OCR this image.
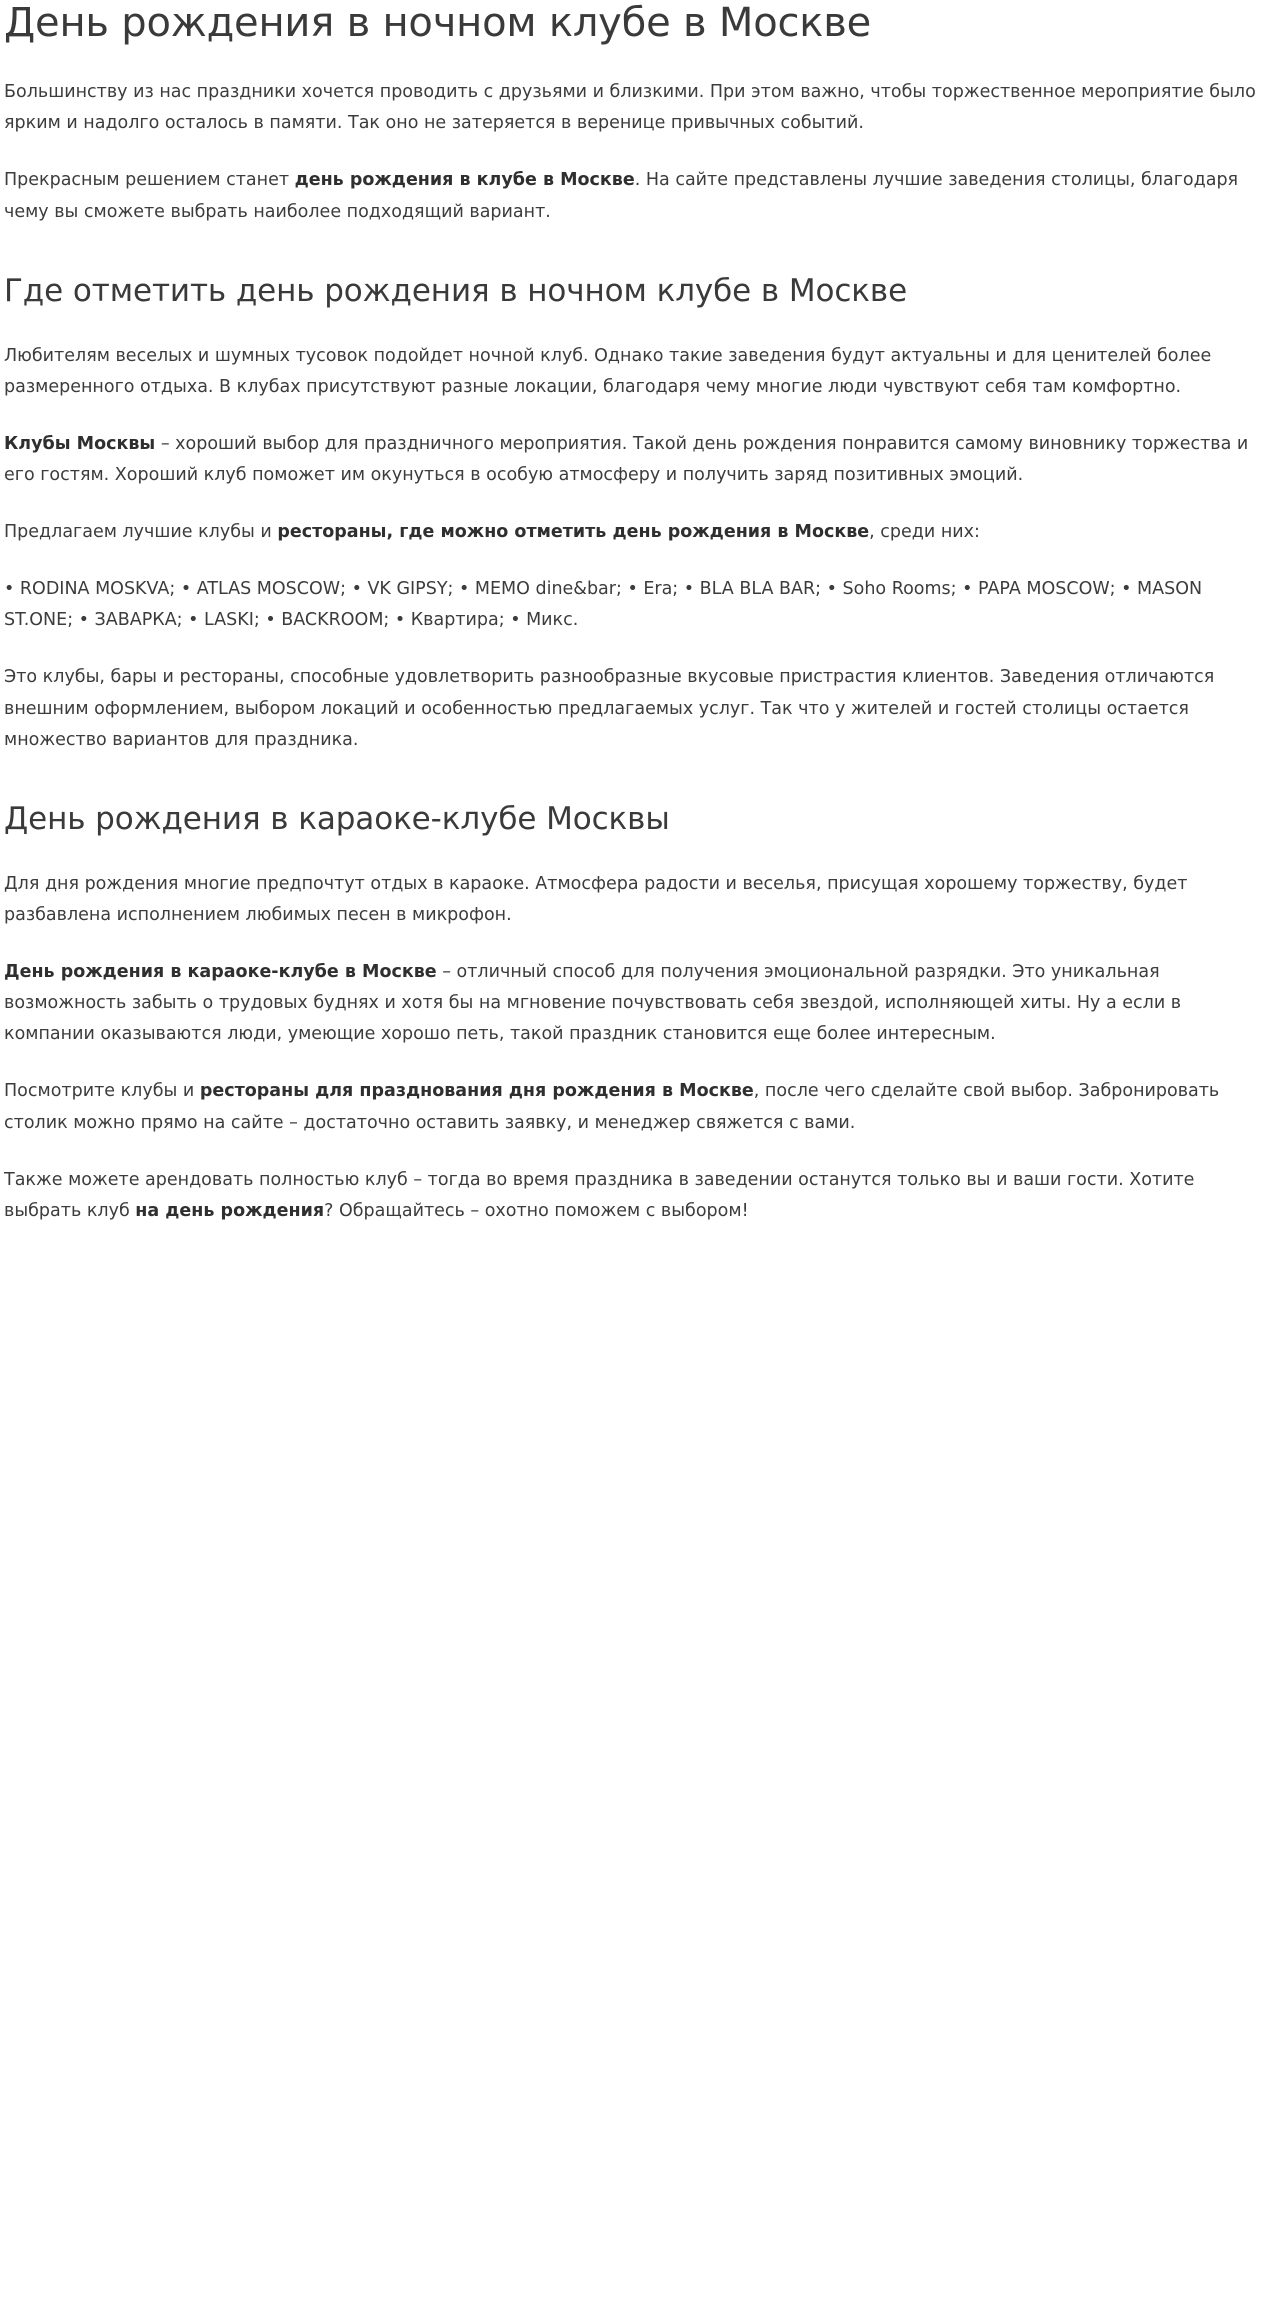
День рождения в ночном клубе в Москве

Большинству из нас праздники хочется проводить с друзьями и близкими. При этом важно, чтобы торжественное мероприятие было ярким и надолго осталось в памяти. Так оно не затеряется в веренице привычных событий.

Прекрасным решением станет день рождения в клубе в Москве. На сайте представлены лучшие заведения столицы, благодаря чему вы сможете выбрать наиболее подходящий вариант.

Где отметить день рождения в ночном клубе в Москве

Любителям веселых и шумных тусовок подойдет ночной клуб. Однако такие заведения будут актуальны и для ценителей более размеренного отдыха. В клубах присутствуют разные локации, благодаря чему многие люди чувствуют себя там комфортно.

Клубы Москвы – хороший выбор для праздничного мероприятия. Такой день рождения понравится самому виновнику торжества и его гостям. Хороший клуб поможет им окунуться в особую атмосферу и получить заряд позитивных эмоций.

Предлагаем лучшие клубы и рестораны, где можно отметить день рождения в Москве, среди них:

• RODINA MOSKVA; • ATLAS MOSCOW; • VK GIPSY; • MEMO dine&bar; • Era; • BLA BLA BAR; • Soho Rooms; • PAPA MOSCOW; • MASON ST.ONE; • ЗАВАРКА; • LASKI; • BACKROOM; • Квартира; • Микс.

Это клубы, бары и рестораны, способные удовлетворить разнообразные вкусовые пристрастия клиентов. Заведения отличаются внешним оформлением, выбором локаций и особенностью предлагаемых услуг. Так что у жителей и гостей столицы остается множество вариантов для праздника.

День рождения в караоке-клубе Москвы

Для дня рождения многие предпочтут отдых в караоке. Атмосфера радости и веселья, присущая хорошему торжеству, будет разбавлена исполнением любимых песен в микрофон.

День рождения в караоке-клубе в Москве – отличный способ для получения эмоциональной разрядки. Это уникальная возможность забыть о трудовых буднях и хотя бы на мгновение почувствовать себя звездой, исполняющей хиты. Ну а если в компании оказываются люди, умеющие хорошо петь, такой праздник становится еще более интересным.

Посмотрите клубы и рестораны для празднования дня рождения в Москве, после чего сделайте свой выбор. Забронировать столик можно прямо на сайте – достаточно оставить заявку, и менеджер свяжется с вами.

Также можете арендовать полностью клуб – тогда во время праздника в заведении останутся только вы и ваши гости. Хотите выбрать клуб на день рождения? Обращайтесь – охотно поможем с выбором!
